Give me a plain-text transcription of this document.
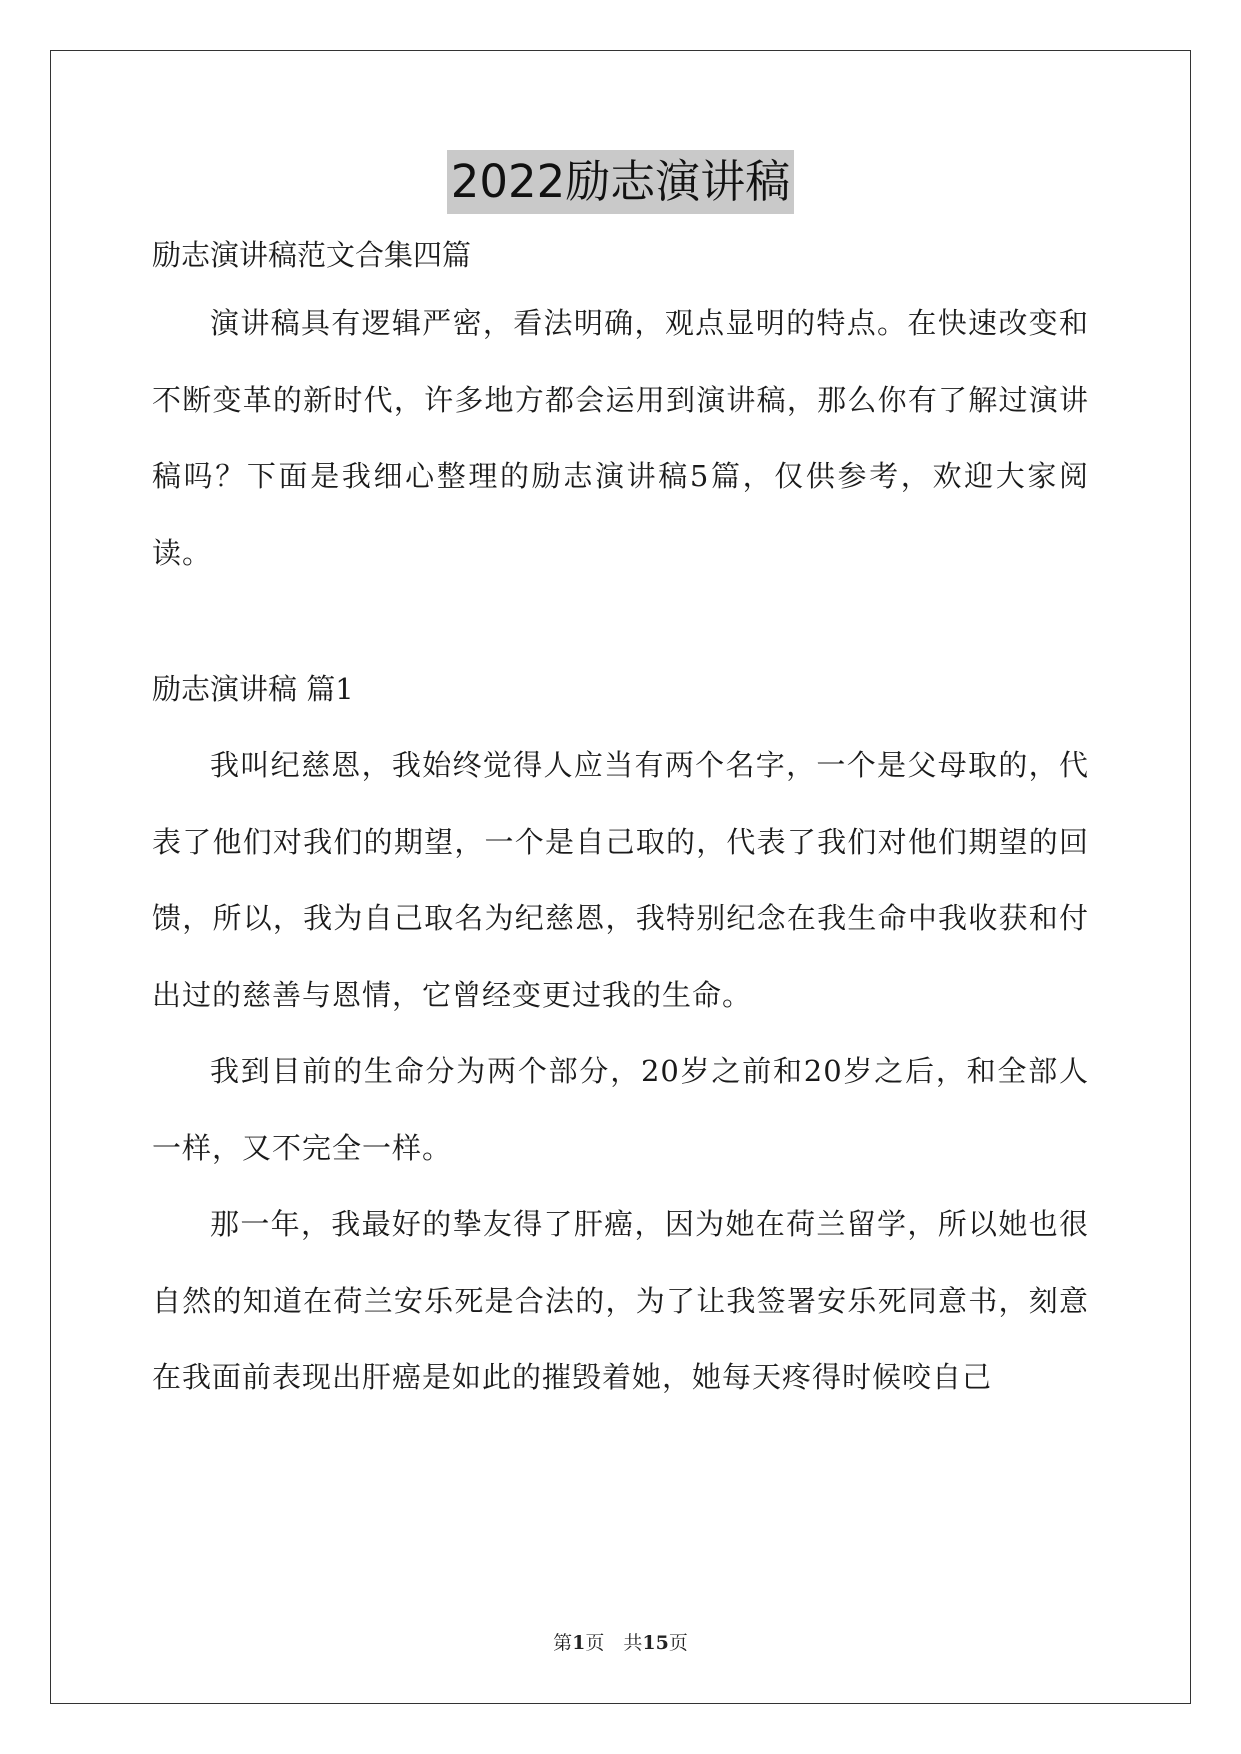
2022励志演讲稿

励志演讲稿范文合集四篇

演讲稿具有逻辑严密，看法明确，观点显明的特点。在快速改变和不断变革的新时代，许多地方都会运用到演讲稿，那么你有了解过演讲稿吗？下面是我细心整理的励志演讲稿5篇，仅供参考，欢迎大家阅读。

励志演讲稿 篇1

我叫纪慈恩，我始终觉得人应当有两个名字，一个是父母取的，代表了他们对我们的期望，一个是自己取的，代表了我们对他们期望的回馈，所以，我为自己取名为纪慈恩，我特别纪念在我生命中我收获和付出过的慈善与恩情，它曾经变更过我的生命。

我到目前的生命分为两个部分，20岁之前和20岁之后，和全部人一样，又不完全一样。

那一年，我最好的挚友得了肝癌，因为她在荷兰留学，所以她也很自然的知道在荷兰安乐死是合法的，为了让我签署安乐死同意书，刻意在我面前表现出肝癌是如此的摧毁着她，她每天疼得时候咬自己

第1页　共15页
